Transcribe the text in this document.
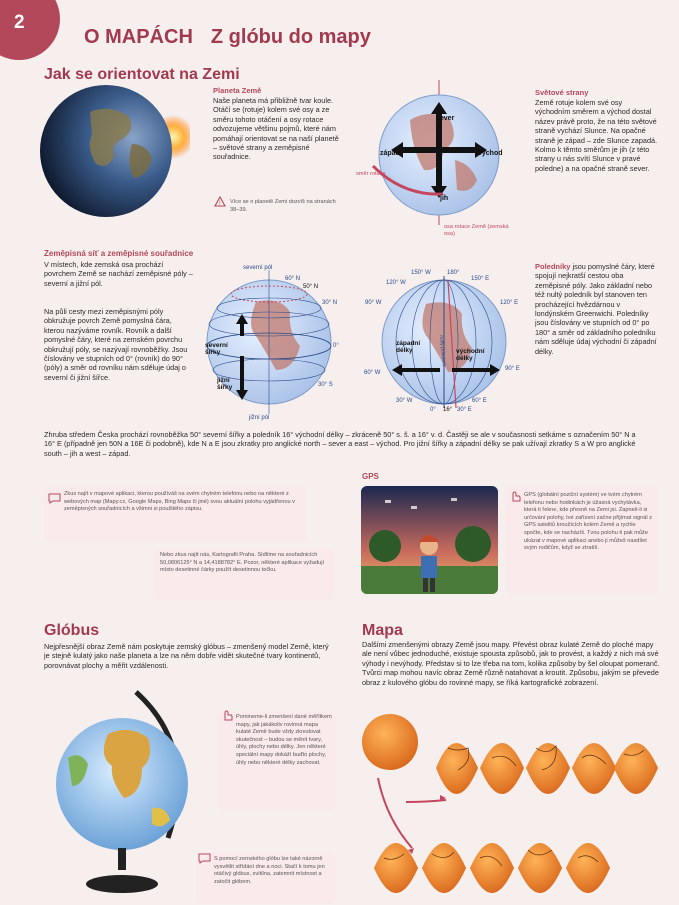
2
O MAPÁCH Z glóbu do mapy
Jak se orientovat na Zemi
Planeta Země
Naše planeta má přibližně tvar koule. Otáčí se (rotuje) kolem své osy a ze směru tohoto otáčení a osy rotace odvozujeme většinu pojmů, které nám pomáhají orientovat se na naší planetě – světové strany a zeměpisné souřadnice.
! Více se o planetě Zemi dozvíš na stranách 38–39.
sever
jih
západ	východ
směr rotace
osa rotace Země (zemská osa)
Světové strany
Země rotuje kolem své osy východním směrem a východ dostal název právě proto, že na této světové straně vychází Slunce. Na opačné straně je západ – zde Slunce zapadá. Kolmo k těmto směrům je jih (z této strany u nás svítí Slunce v pravé poledne) a na opačné straně sever.
Zeměpisná síť a zeměpisné souřadnice
V místech, kde zemská osa prochází povrchem Země se nachází zeměpisné póly – severní a jižní pól.
Na půli cesty mezi zeměpisnými póly obkružuje povrch Země pomyslná čára, kterou nazýváme rovník. Rovník a další pomyslné čáry, které na zemském povrchu obkružují póly, se nazývají rovnoběžky. Jsou číslovány ve stupních od 0° (rovník) do 90° (póly) a směr od rovníku nám sděluje údaj o severní či jižní šířce.
severní pól
jižní pól
60° N
50° N
30° N
0°
30° S
severní šířky
jižní šířky
150° W	180°
150° E
120° W
120° E
90° W
90° E
60° W
60° E
30° W
30° E
0° 16°
západní délky	východní délky
nultý poledník
Poledníky jsou pomyslné čáry, které spojují nejkratší cestou oba zeměpisné póly. Jako základní nebo též nultý poledník byl stanoven ten procházející hvězdárnou v londýnském Greenwichi. Poledníky jsou číslovány ve stupních od 0° po 180° a směr od základního poledníku nám sděluje údaj východní či západní délky.
Zhruba středem Česka prochází rovnoběžka 50° severní šířky a poledník 16° východní délky – zkráceně 50° s. š. a 16° v. d. Častěji se ale v současnosti setkáme s označením 50° N a 16° E (případně jen 50N a 16E či podobně), kde N a E jsou zkratky pro anglické north – sever a east – východ. Pro jižní šířky a západní délky se pak užívají zkratky S a W pro anglické south – jih a west – západ.
Zkus najít v mapové aplikaci, kterou používáš na svém chytrém telefonu nebo na některé z webových map (Mapy.cz, Google Maps, Bing Maps či jiné) svou aktuální polohu vyjádřenou v zeměpisných souřadnicích a všimni si použitého zápisu.
Nebo zkus najít nás, Kartografii Praha. Sídlíme na souřadnicích 50,0806125° N a 14,4188782° E. Pozor, některé aplikace vyžadují místo desetinné čárky použít desetinnou tečku.
GPS
GPS (globální poziční systém) ve tvém chytrém telefonu nebo hodinkách je úžasná vychytávka, která ti řekne, kde přesně na Zemi jsi. Zapneš-li si určování polohy, tvé zařízení začne přijímat signál z GPS satelitů kroužících kolem Země a rychle spočte, kde se nacházíš. Tvou polohu ti pak může ukázat v mapové aplikaci anebo ji můžeš nasdílet svým rodičům, když se ztratíš.
Glóbus
Nejpřesnější obraz Země nám poskytuje zemský glóbus – zmenšený model Země, který je stejně kulatý jako naše planeta a lze na něm dobře vidět skutečné tvary kontinentů, porovnávat plochy a měřit vzdálenosti.
Pomineme-li zmenšení dané měřítkem mapy, jak jakákoliv rovinná mapa kulaté Země bude vždy zkreslovat skutečnost – budou se měnit tvary, úhly, plochy nebo délky. Jen některé speciální mapy dokáží buďto plochy, úhly nebo některé délky zachovat.
S pomocí zemského glóbu lze také názorně vysvětlit střídání dne a noci. Stačí k tomu jen otáčivý glóbus, svítilna, zatemnit místnost a zatočit glóbem.
Mapa
Dalšími zmenšenými obrazy Země jsou mapy. Převést obraz kulaté Země do ploché mapy ale není vůbec jednoduché, existuje spousta způsobů, jak to provést, a každý z nich má své výhody i nevýhody. Představ si to lze třeba na tom, kolika způsoby by šel oloupat pomeranč. Tvůrci map mohou navíc obraz Země různě natahovat a kroutit. Způsobu, jakým se převede obraz z kulového glóbu do rovinné mapy, se říká kartografické zobrazení.
